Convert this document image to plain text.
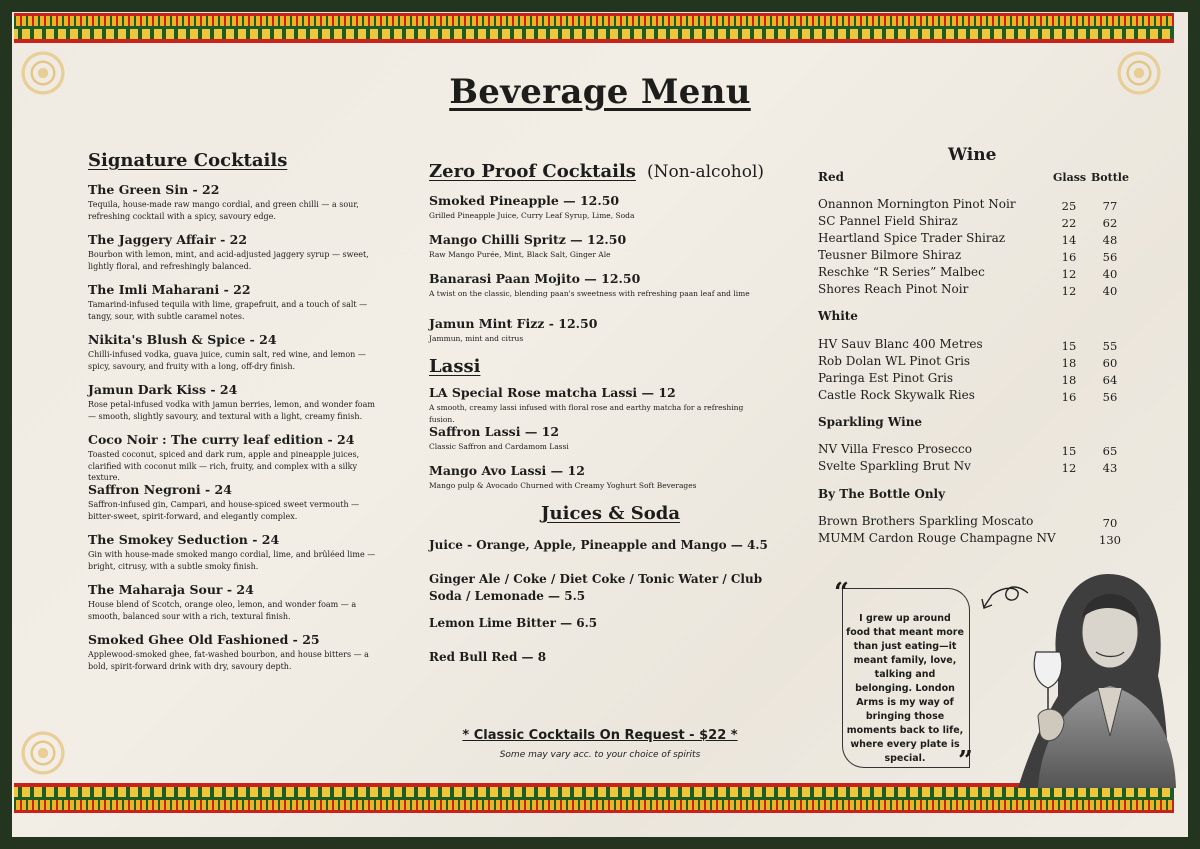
Beverage Menu
Signature Cocktails
The Green Sin - 22
Tequila, house-made raw mango cordial, and green chilli — a sour, refreshing cocktail with a spicy, savoury edge.
The Jaggery Affair - 22
Bourbon with lemon, mint, and acid-adjusted jaggery syrup — sweet, lightly floral, and refreshingly balanced.
The Imli Maharani - 22
Tamarind-infused tequila with lime, grapefruit, and a touch of salt — tangy, sour, with subtle caramel notes.
Nikita's Blush & Spice - 24
Chilli-infused vodka, guava juice, cumin salt, red wine, and lemon — spicy, savoury, and fruity with a long, off-dry finish.
Jamun Dark Kiss - 24
Rose petal-infused vodka with jamun berries, lemon, and wonder foam — smooth, slightly savoury, and textural with a light, creamy finish.
Coco Noir : The curry leaf edition - 24
Toasted coconut, spiced and dark rum, apple and pineapple juices, clarified with coconut milk — rich, fruity, and complex with a silky texture.
Saffron Negroni - 24
Saffron-infused gin, Campari, and house-spiced sweet vermouth — bitter-sweet, spirit-forward, and elegantly complex.
The Smokey Seduction - 24
Gin with house-made smoked mango cordial, lime, and brûléed lime — bright, citrusy, with a subtle smoky finish.
The Maharaja Sour - 24
House blend of Scotch, orange oleo, lemon, and wonder foam — a smooth, balanced sour with a rich, textural finish.
Smoked Ghee Old Fashioned - 25
Applewood-smoked ghee, fat-washed bourbon, and house bitters — a bold, spirit-forward drink with dry, savoury depth.
Zero Proof Cocktails (Non-alcohol)
Smoked Pineapple — 12.50
Grilled Pineapple Juice, Curry Leaf Syrup, Lime, Soda
Mango Chilli Spritz — 12.50
Raw Mango Purée, Mint, Black Salt, Ginger Ale
Banarasi Paan Mojito — 12.50
A twist on the classic, blending paan's sweetness with refreshing paan leaf and lime
Jamun Mint Fizz - 12.50
Jammun, mint and citrus
Lassi
LA Special Rose matcha Lassi — 12
A smooth, creamy lassi infused with floral rose and earthy matcha for a refreshing fusion.
Saffron Lassi — 12
Classic Saffron and Cardamom Lassi
Mango Avo Lassi — 12
Mango pulp & Avocado Churned with Creamy Yoghurt Soft Beverages
Juices & Soda
Juice - Orange, Apple, Pineapple and Mango — 4.5
Ginger Ale / Coke / Diet Coke / Tonic Water / Club Soda / Lemonade — 5.5
Lemon Lime Bitter — 6.5
Red Bull Red — 8
Wine
Red	Glass Bottle
Onannon Mornington Pinot Noir	25	77
SC Pannel Field Shiraz	22	62
Heartland Spice Trader Shiraz	14	48
Teusner Bilmore Shiraz	16	56
Reschke “R Series” Malbec	12	40
Shores Reach Pinot Noir	12	40
White
HV Sauv Blanc 400 Metres	15	55
Rob Dolan WL Pinot Gris	18	60
Paringa Est Pinot Gris	18	64
Castle Rock Skywalk Ries	16	56
Sparkling Wine
NV Villa Fresco Prosecco	15	65
Svelte Sparkling Brut Nv	12	43
By The Bottle Only
Brown Brothers Sparkling Moscato	70
MUMM Cardon Rouge Champagne NV	130
“
”
I grew up around food that meant more than just eating—it meant family, love, talking and belonging. London Arms is my way of bringing those moments back to life, where every plate is special.
* Classic Cocktails On Request - $22 *
Some may vary acc. to your choice of spirits
